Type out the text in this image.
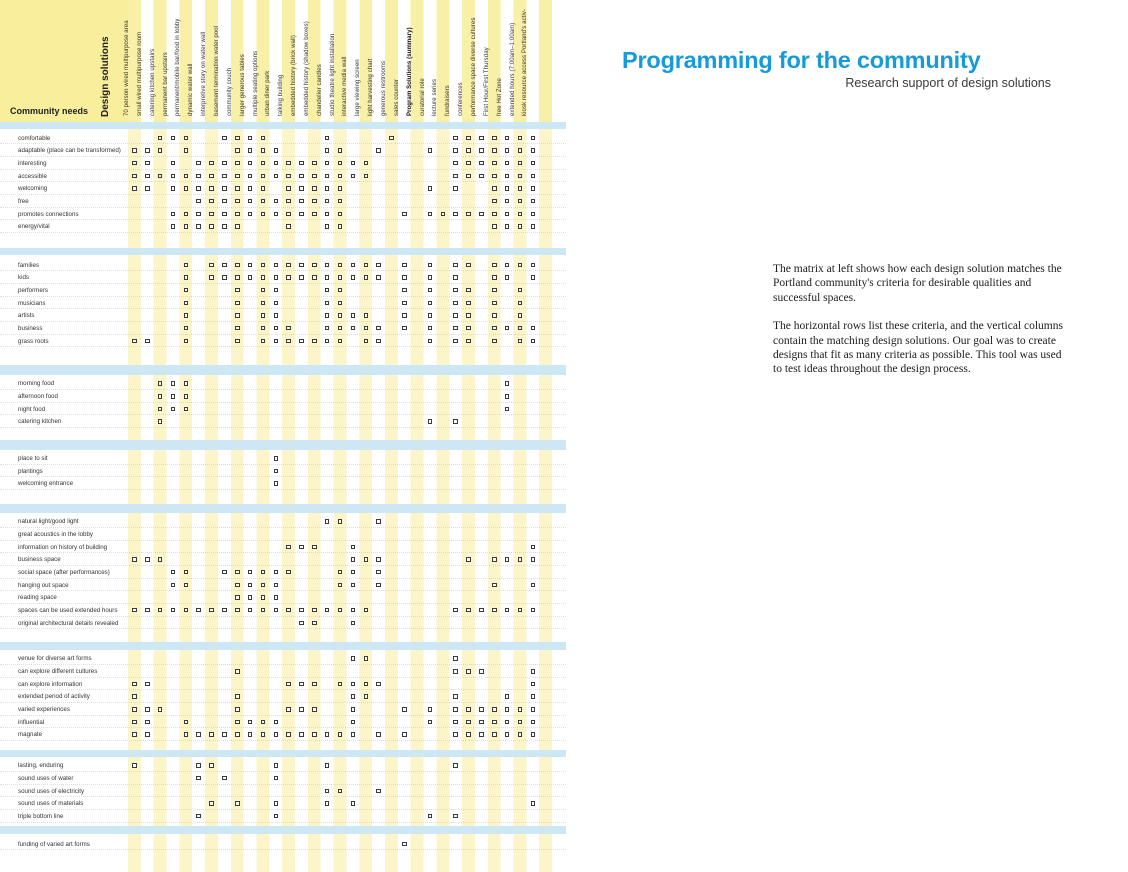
Community needs Design solutions 70 person wired multipurpose area small wired multipurpose room catering kitchen upstairs permanent bar upstairs permanent/mobile bar/food in lobby dynamic water wall interpretive story on water wall basement termination water pool community couch larger generous tables multiple seating options urban diner park talking building embedded history (brick wall) embedded history (shadow boxes) chandelier candles studio theatre light installation interactive media wall large viewing screen light harvesting chart generous restrooms sales counter Program Solutions (summary) curatorial role lecture series fundraisers conferences performance space diverse cultures First Hour/First Thursday free Hot Zone extended hours (7:00am–1:00am) kiosk resource access Portland's activ-
comfortable
adaptable (place can be transformed)
interesting
accessible
welcoming
free
promotes connections
energy/vital
families
kids
performers
musicians
artists
business
grass roots
morning food
afternoon food
night food
catering kitchen
place to sit
plantings
welcoming entrance
natural light/good light
great acoustics in the lobby
information on history of building
business space
social space (after performances)
hanging out space
reading space
spaces can be used extended hours
original architectural details revealed
venue for diverse art forms
can explore different cultures
can explore information
extended period of activity
varied experiences
influential
magnate
lasting, enduring
sound uses of water
sound uses of electricity
sound uses of materials
triple bottom line
funding of varied art forms
Programming for the community
Research support of design solutions

The matrix at left shows how each design solution matches the Portland community's criteria for desirable qualities and successful spaces.

The horizontal rows list these criteria, and the vertical columns contain the matching design solutions. Our goal was to create designs that fit as many criteria as possible. This tool was used to test ideas throughout the design process.
